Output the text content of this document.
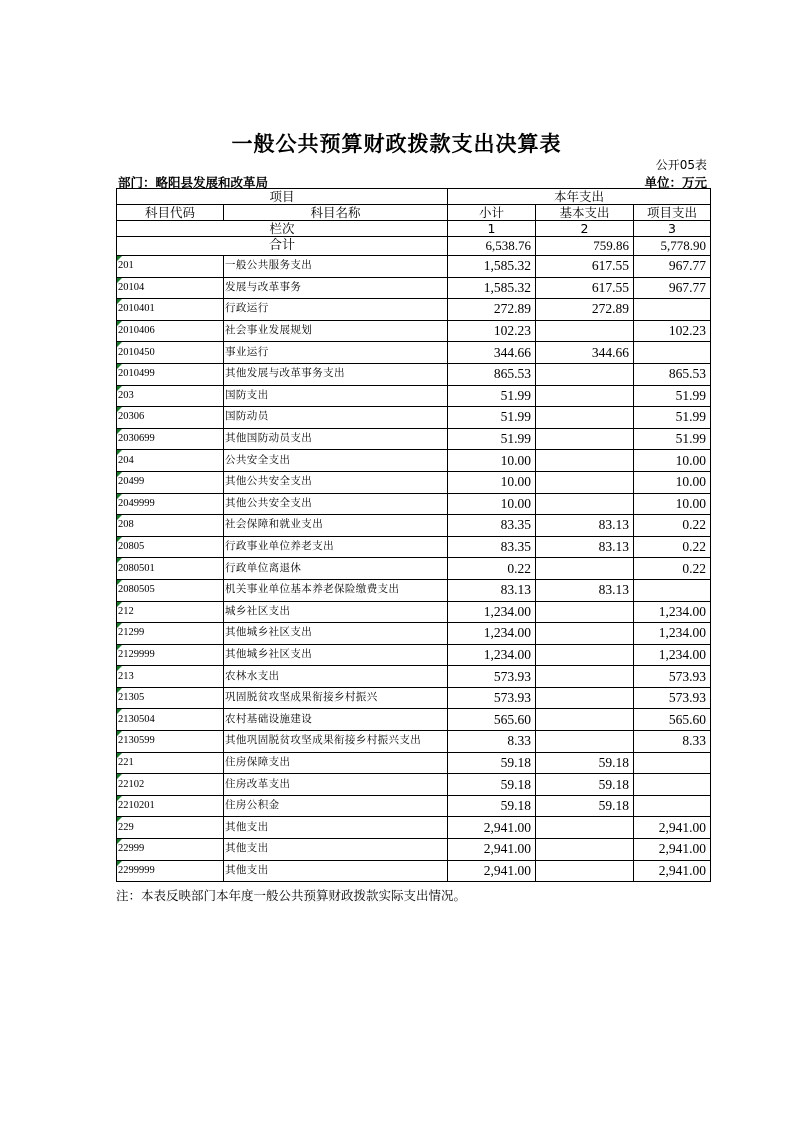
一般公共预算财政拨款支出决算表
公开05表
部门：略阳县发展和改革局	单位：万元
项目		本年支出		
科目代码	科目名称	小计	基本支出	项目支出
栏次		1	2	3
合计		6,538.76	759.86	5,778.90
201	一般公共服务支出	1,585.32	617.55	967.77
20104	发展与改革事务	1,585.32	617.55	967.77
2010401	行政运行	272.89	272.89	
2010406	社会事业发展规划	102.23		102.23
2010450	事业运行	344.66	344.66	
2010499	其他发展与改革事务支出	865.53		865.53
203	国防支出	51.99		51.99
20306	国防动员	51.99		51.99
2030699	其他国防动员支出	51.99		51.99
204	公共安全支出	10.00		10.00
20499	其他公共安全支出	10.00		10.00
2049999	其他公共安全支出	10.00		10.00
208	社会保障和就业支出	83.35	83.13	0.22
20805	行政事业单位养老支出	83.35	83.13	0.22
2080501	行政单位离退休	0.22		0.22
2080505	机关事业单位基本养老保险缴费支出	83.13	83.13	
212	城乡社区支出	1,234.00		1,234.00
21299	其他城乡社区支出	1,234.00		1,234.00
2129999	其他城乡社区支出	1,234.00		1,234.00
213	农林水支出	573.93		573.93
21305	巩固脱贫攻坚成果衔接乡村振兴	573.93		573.93
2130504	农村基础设施建设	565.60		565.60
2130599	其他巩固脱贫攻坚成果衔接乡村振兴支出	8.33		8.33
221	住房保障支出	59.18	59.18	
22102	住房改革支出	59.18	59.18	
2210201	住房公积金	59.18	59.18	
229	其他支出	2,941.00		2,941.00
22999	其他支出	2,941.00		2,941.00
2299999	其他支出	2,941.00		2,941.00
注：本表反映部门本年度一般公共预算财政拨款实际支出情况。
